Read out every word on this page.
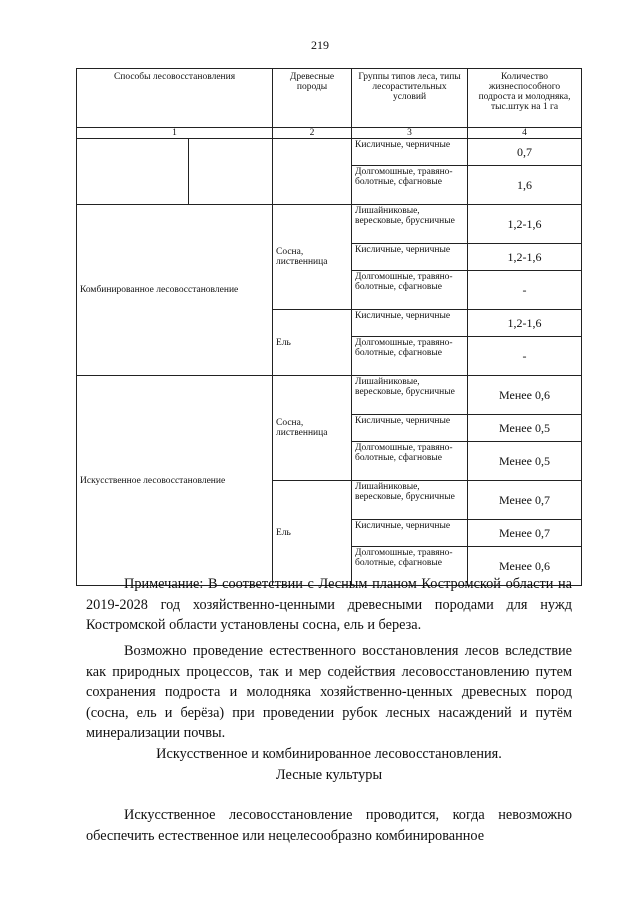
219
Способы лесовосстановления		Древесные породы	Группы типов леса, типы лесорастительных условий	Количество жизнеспособного подроста и молодняка, тыс.штук на 1 га
1		2	3	4
			Кисличные, черничные	0,7
			Долгомошные, травяно-болотные, сфагновые	1,6
Комбинированное лесовосстановление		Сосна, лиственница	Лишайниковые, вересковые, брусничные	1,2-1,6
			Кисличные, черничные	1,2-1,6
			Долгомошные, травяно-болотные, сфагновые	-
		Ель	Кисличные, черничные	1,2-1,6
			Долгомошные, травяно-болотные, сфагновые	-
Искусственное лесовосстановление		Сосна, лиственница	Лишайниковые, вересковые, брусничные	Менее 0,6
			Кисличные, черничные	Менее 0,5
			Долгомошные, травяно-болотные, сфагновые	Менее 0,5
		Ель	Лишайниковые, вересковые, брусничные	Менее 0,7
			Кисличные, черничные	Менее 0,7
			Долгомошные, травяно-болотные, сфагновые	Менее 0,6

Примечание: В соответствии с Лесным планом Костромской области на 2019-2028 год хозяйственно-ценными древесными породами для нужд Костромской области установлены сосна, ель и береза.

Возможно проведение естественного восстановления лесов вследствие как природных процессов, так и мер содействия лесовосстановлению путем сохранения подроста и молодняка хозяйственно-ценных древесных пород (сосна, ель и берёза) при проведении рубок лесных насаждений и путём минерализации почвы.

Искусственное и комбинированное лесовосстановления.

Лесные культуры

Искусственное лесовосстановление проводится, когда невозможно обеспечить естественное или нецелесообразно комбинированное
